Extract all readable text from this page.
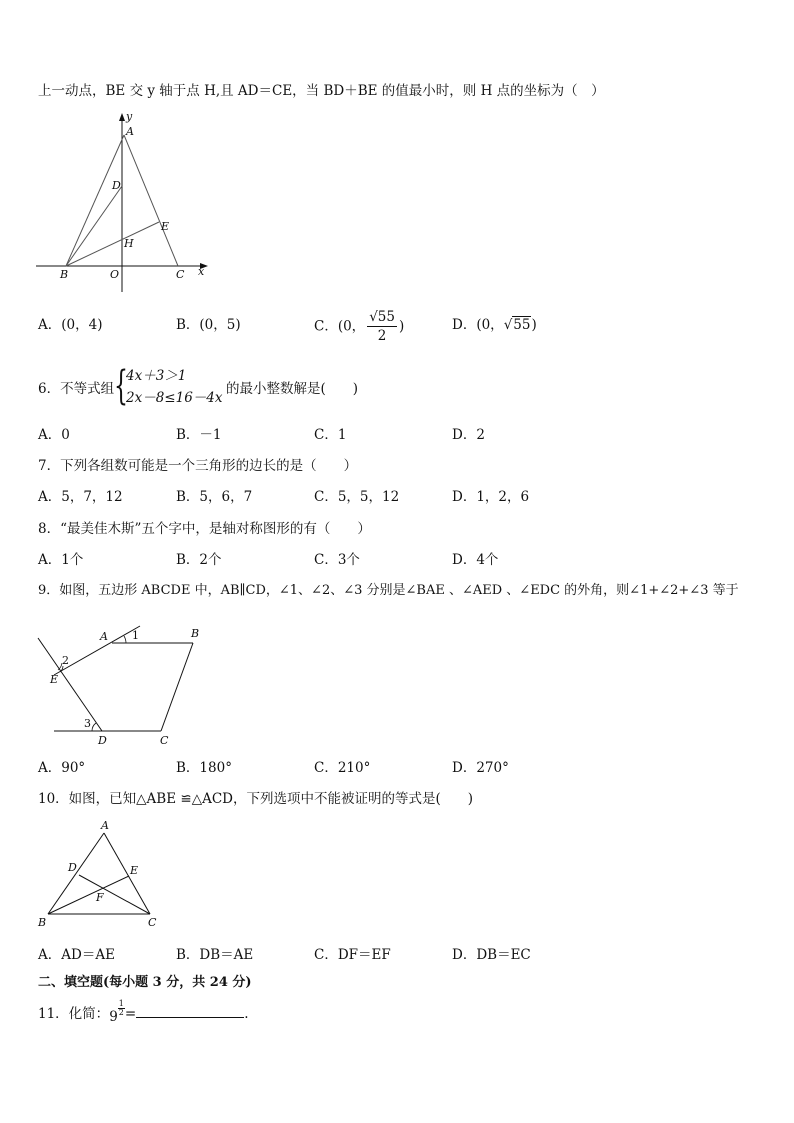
上一动点，BE 交 y 轴于点 H,且 AD＝CE，当 BD＋BE 的值最小时，则 H 点的坐标为（　）
y
x
A
D
E
H
B	O	C
A．(0，4)	B．(0，5)	C．(0， $\frac{√55}{2}$ )	D．(0，√55)
6．不等式组 {
4x＋3＞1
2x－8≤16－4x
的最小整数解是(　　)
A．0	B．－1	C．1	D．2
7．下列各组数可能是一个三角形的边长的是（　　）
A．5，7，12	B．5，6，7	C．5，5，12	D．1，2，6
8．“最美佳木斯”五个字中，是轴对称图形的有（　　）
A．1个	B．2个	C．3个	D．4个
9．如图，五边形 ABCDE 中，AB∥CD，∠1、∠2、∠3 分别是∠BAE 、∠AED 、∠EDC 的外角，则∠1+∠2+∠3 等于
A 1	B
2
E
3
D	C
A．90°	B．180°	C．210°	D．270°
10．如图，已知△ABE ≌△ACD，下列选项中不能被证明的等式是(　　)
A
D	E
F
B	C
A．AD＝AE	B．DB＝AE	C．DF＝EF	D．DB＝EC
二、填空题(每小题 3 分，共 24 分)
11．化简：$9 \frac{1}{2}$ =	.
